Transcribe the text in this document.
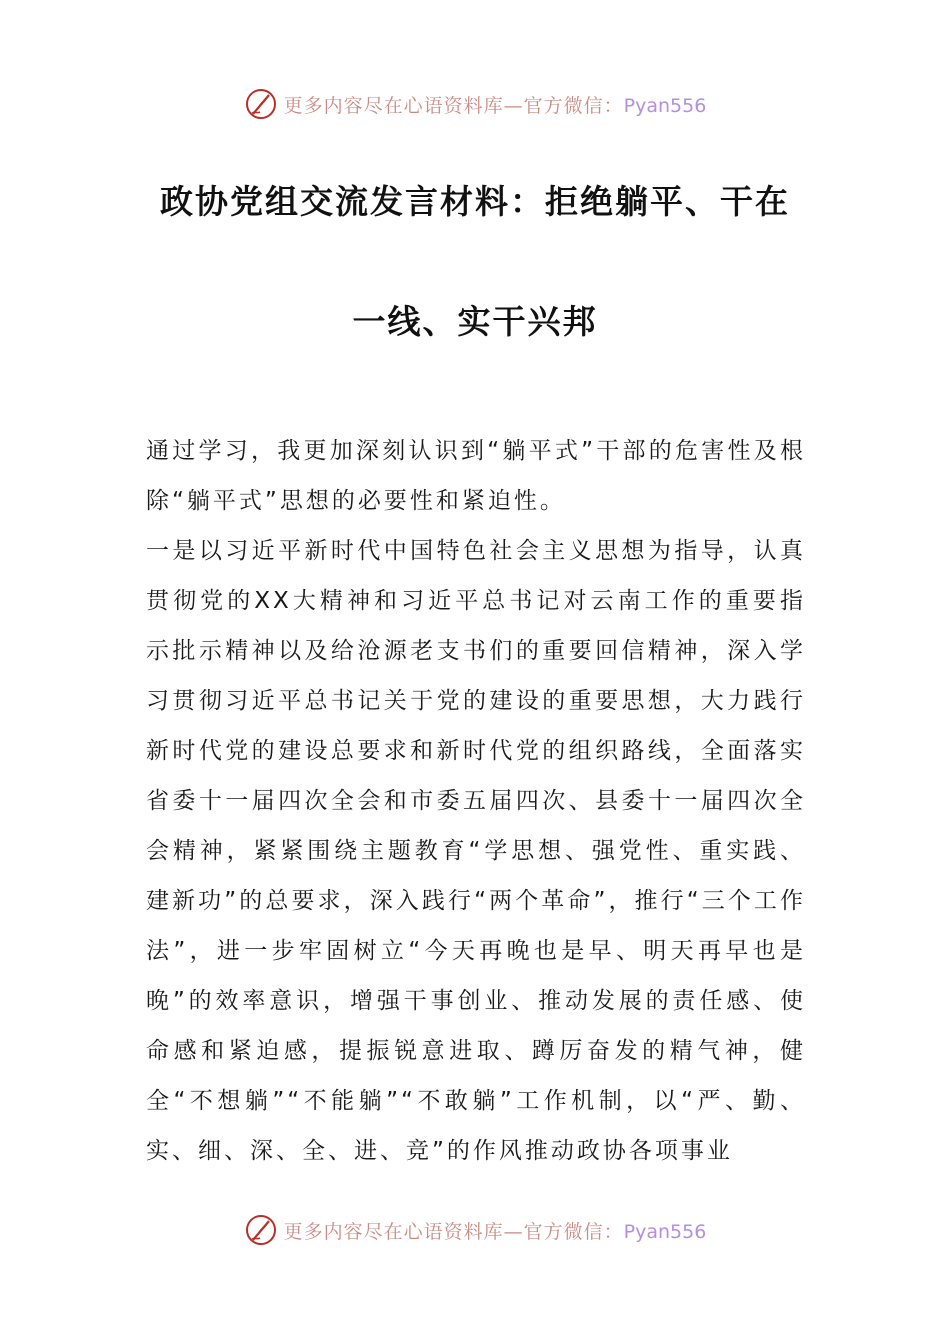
更多内容尽在心语资料库—官方微信：Pyan556
政协党组交流发言材料：拒绝躺平、干在
一线、实干兴邦

通过学习，我更加深刻认识到“躺平式”干部的危害性及根除“躺平式”思想的必要性和紧迫性。

一是以习近平新时代中国特色社会主义思想为指导，认真贯彻党的XX大精神和习近平总书记对云南工作的重要指示批示精神以及给沧源老支书们的重要回信精神，深入学习贯彻习近平总书记关于党的建设的重要思想，大力践行新时代党的建设总要求和新时代党的组织路线，全面落实省委十一届四次全会和市委五届四次、县委十一届四次全会精神，紧紧围绕主题教育“学思想、强党性、重实践、建新功”的总要求，深入践行“两个革命”，推行“三个工作法”，进一步牢固树立“今天再晚也是早、明天再早也是晚”的效率意识，增强干事创业、推动发展的责任感、使命感和紧迫感，提振锐意进取、蹲厉奋发的精气神，健全“不想躺”“不能躺”“不敢躺”工作机制，以“严、勤、实、细、深、全、进、竞”的作风推动政协各项事业

更多内容尽在心语资料库—官方微信：Pyan556
